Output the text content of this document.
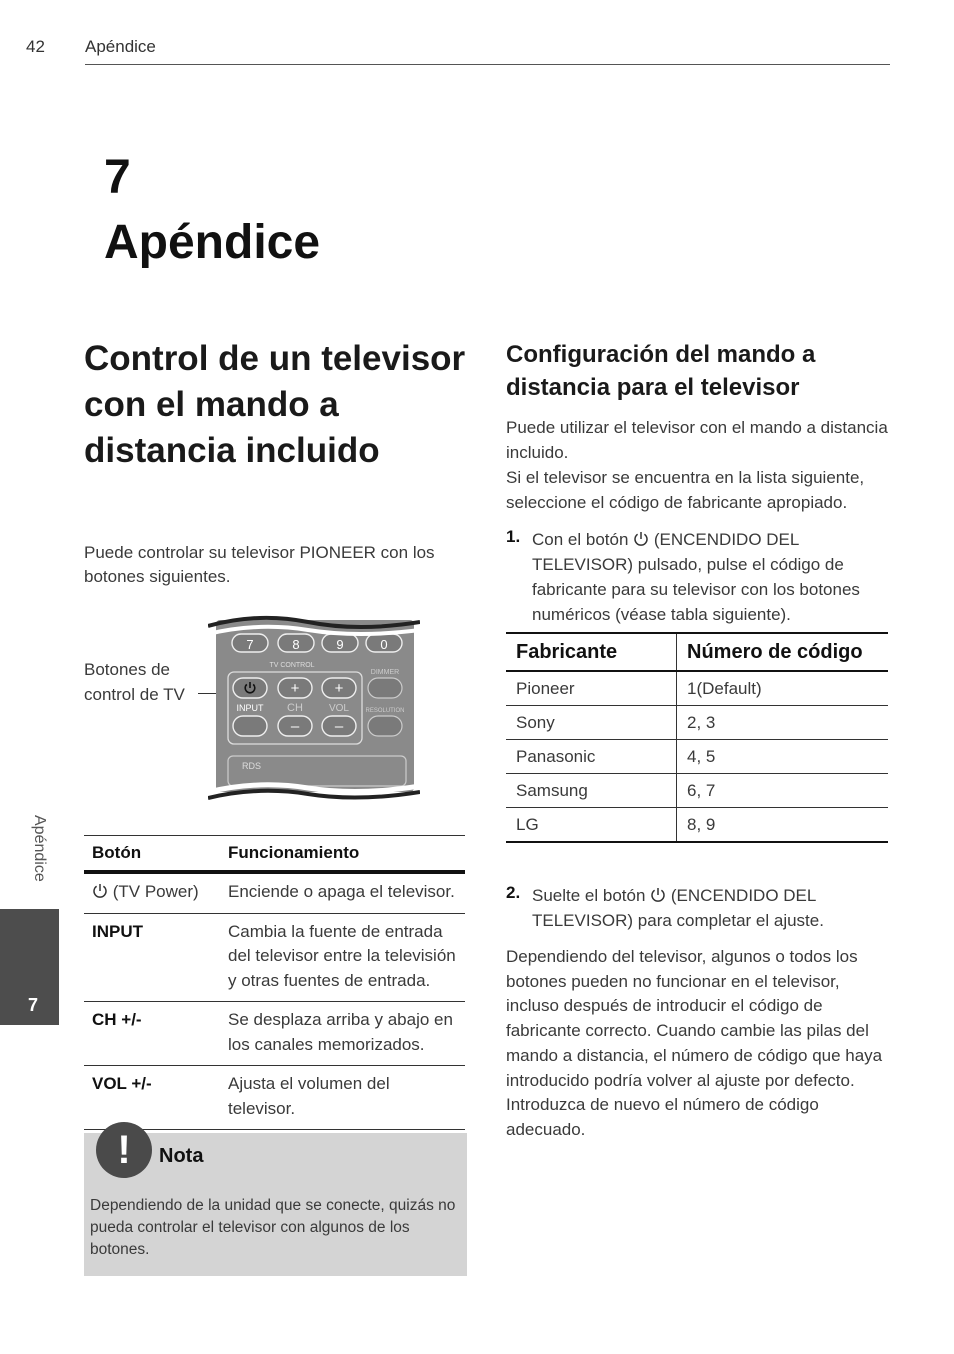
42 Apéndice
7
Apéndice
Control de un televisor con el mando a distancia incluido
Puede controlar su televisor PIONEER con los botones siguientes.
Botones de control de TV
7	8	9	0
TV CONTROL
DIMMER
+ +
INPUT CH	VOL
– –
RESOLUTION
RDS
Botón	Funcionamiento
(TV Power)	Enciende o apaga el televisor.
INPUT	Cambia la fuente de entrada del televisor entre la televisión y otras fuentes de entrada.
CH +/-	Se desplaza arriba y abajo en los canales memorizados.
VOL +/-	Ajusta el volumen del televisor.
!	Nota
Dependiendo de la unidad que se conecte, quizás no pueda controlar el televisor con algunos de los botones.
Apéndice
7
Configuración del mando a distancia para el televisor
Puede utilizar el televisor con el mando a distancia incluido.
Si el televisor se encuentra en la lista siguiente, seleccione el código de fabricante apropiado.
1. Con el botón (ENCENDIDO DEL TELEVISOR) pulsado, pulse el código de fabricante para su televisor con los botones numéricos (véase tabla siguiente).
Fabricante	Número de código
Pioneer	1(Default)
Sony	2, 3
Panasonic	4, 5
Samsung	6, 7
LG	8, 9
2. Suelte el botón (ENCENDIDO DEL TELEVISOR) para completar el ajuste.
Dependiendo del televisor, algunos o todos los botones pueden no funcionar en el televisor, incluso después de introducir el código de fabricante correcto. Cuando cambie las pilas del mando a distancia, el número de código que haya introducido podría volver al ajuste por defecto. Introduzca de nuevo el número de código adecuado.
